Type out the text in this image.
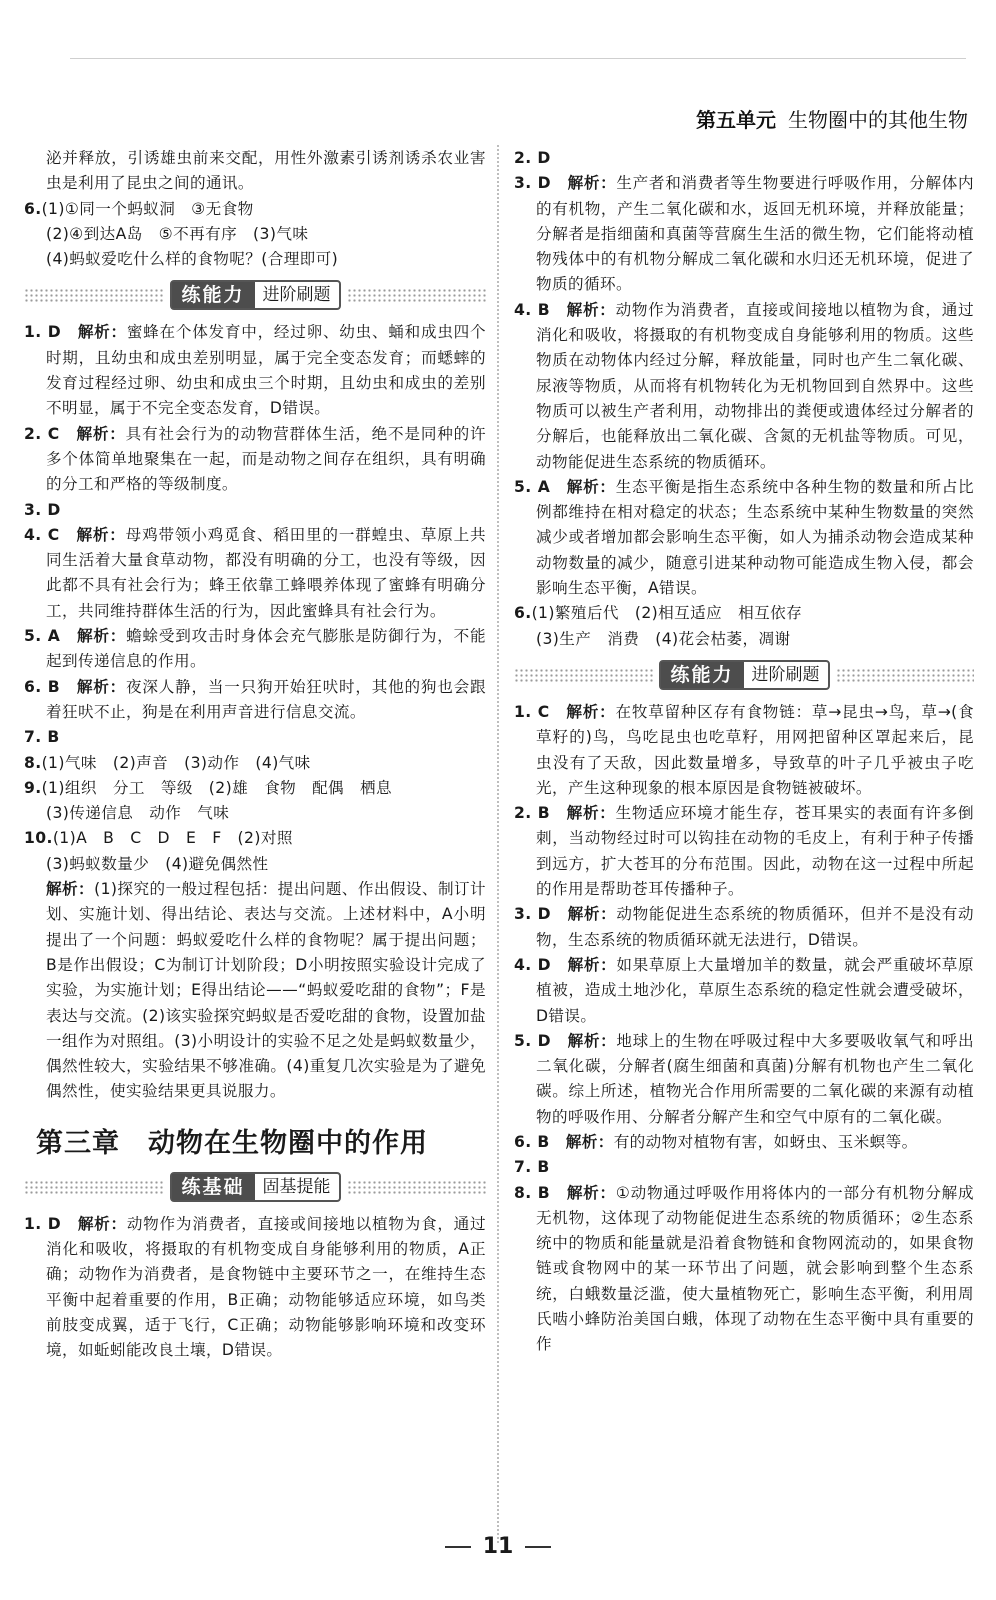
第五单元 生物圈中的其他生物

泌并释放，引诱雄虫前来交配，用性外激素引诱剂诱杀农业害虫是利用了昆虫之间的通讯。

6.(1)①同一个蚂蚁洞　③无食物

(2)④到达A岛　⑤不再有序　(3)气味

(4)蚂蚁爱吃什么样的食物呢？(合理即可)

练能力	进阶刷题

1. D　 解析：蜜蜂在个体发育中，经过卵、幼虫、蛹和成虫四个时期，且幼虫和成虫差别明显，属于完全变态发育；而蟋蟀的发育过程经过卵、幼虫和成虫三个时期，且幼虫和成虫的差别不明显，属于不完全变态发育，D错误。

2. C　 解析：具有社会行为的动物营群体生活，绝不是同种的许多个体简单地聚集在一起，而是动物之间存在组织，具有明确的分工和严格的等级制度。

3. D

4. C　 解析：母鸡带领小鸡觅食、稻田里的一群蝗虫、草原上共同生活着大量食草动物，都没有明确的分工，也没有等级，因此都不具有社会行为；蜂王依靠工蜂喂养体现了蜜蜂有明确分工，共同维持群体生活的行为，因此蜜蜂具有社会行为。

5. A　 解析：蟾蜍受到攻击时身体会充气膨胀是防御行为，不能起到传递信息的作用。

6. B　 解析：夜深人静，当一只狗开始狂吠时，其他的狗也会跟着狂吠不止，狗是在利用声音进行信息交流。

7. B

8.(1)气味　(2)声音　(3)动作　(4)气味

9.(1)组织　分工　等级　(2)雄　食物　配偶　栖息

(3)传递信息　动作　气味

10.(1)A　B　C　D　E　F　(2)对照

(3)蚂蚁数量少　(4)避免偶然性

解析：(1)探究的一般过程包括：提出问题、作出假设、制订计划、实施计划、得出结论、表达与交流。上述材料中，A小明提出了一个问题：蚂蚁爱吃什么样的食物呢？属于提出问题；B是作出假设；C为制订计划阶段；D小明按照实验设计完成了实验，为实施计划；E得出结论——“蚂蚁爱吃甜的食物”；F是表达与交流。(2)该实验探究蚂蚁是否爱吃甜的食物，设置加盐一组作为对照组。(3)小明设计的实验不足之处是蚂蚁数量少，偶然性较大，实验结果不够准确。(4)重复几次实验是为了避免偶然性，使实验结果更具说服力。

第三章　动物在生物圈中的作用
练基础	固基提能

1. D　 解析：动物作为消费者，直接或间接地以植物为食，通过消化和吸收，将摄取的有机物变成自身能够利用的物质，A正确；动物作为消费者，是食物链中主要环节之一，在维持生态平衡中起着重要的作用，B正确；动物能够适应环境，如鸟类前肢变成翼，适于飞行，C正确；动物能够影响环境和改变环境，如蚯蚓能改良土壤，D错误。

2. D

3. D　 解析：生产者和消费者等生物要进行呼吸作用，分解体内的有机物，产生二氧化碳和水，返回无机环境，并释放能量；分解者是指细菌和真菌等营腐生生活的微生物，它们能将动植物残体中的有机物分解成二氧化碳和水归还无机环境，促进了物质的循环。

4. B　 解析：动物作为消费者，直接或间接地以植物为食，通过消化和吸收，将摄取的有机物变成自身能够利用的物质。这些物质在动物体内经过分解，释放能量，同时也产生二氧化碳、尿液等物质，从而将有机物转化为无机物回到自然界中。这些物质可以被生产者利用，动物排出的粪便或遗体经过分解者的分解后，也能释放出二氧化碳、含氮的无机盐等物质。可见，动物能促进生态系统的物质循环。

5. A　 解析：生态平衡是指生态系统中各种生物的数量和所占比例都维持在相对稳定的状态；生态系统中某种生物数量的突然减少或者增加都会影响生态平衡，如人为捕杀动物会造成某种动物数量的减少，随意引进某种动物可能造成生物入侵，都会影响生态平衡，A错误。

6.(1)繁殖后代　(2)相互适应　相互依存

(3)生产　消费　(4)花会枯萎，凋谢

练能力	进阶刷题

1. C　 解析：在牧草留种区存有食物链：草→昆虫→鸟，草→(食草籽的)鸟，鸟吃昆虫也吃草籽，用网把留种区罩起来后，昆虫没有了天敌，因此数量增多，导致草的叶子几乎被虫子吃光，产生这种现象的根本原因是食物链被破坏。

2. B　 解析：生物适应环境才能生存，苍耳果实的表面有许多倒刺，当动物经过时可以钩挂在动物的毛皮上，有利于种子传播到远方，扩大苍耳的分布范围。因此，动物在这一过程中所起的作用是帮助苍耳传播种子。

3. D　 解析：动物能促进生态系统的物质循环，但并不是没有动物，生态系统的物质循环就无法进行，D错误。

4. D　 解析：如果草原上大量增加羊的数量，就会严重破坏草原植被，造成土地沙化，草原生态系统的稳定性就会遭受破坏，D错误。

5. D　 解析：地球上的生物在呼吸过程中大多要吸收氧气和呼出二氧化碳，分解者(腐生细菌和真菌)分解有机物也产生二氧化碳。综上所述，植物光合作用所需要的二氧化碳的来源有动植物的呼吸作用、分解者分解产生和空气中原有的二氧化碳。

6. B　 解析：有的动物对植物有害，如蚜虫、玉米螟等。

7. B

8. B　 解析：①动物通过呼吸作用将体内的一部分有机物分解成无机物，这体现了动物能促进生态系统的物质循环；②生态系统中的物质和能量就是沿着食物链和食物网流动的，如果食物链或食物网中的某一环节出了问题，就会影响到整个生态系统，白蛾数量泛滥，使大量植物死亡，影响生态平衡，利用周氏啮小蜂防治美国白蛾，体现了动物在生态平衡中具有重要的作

11
